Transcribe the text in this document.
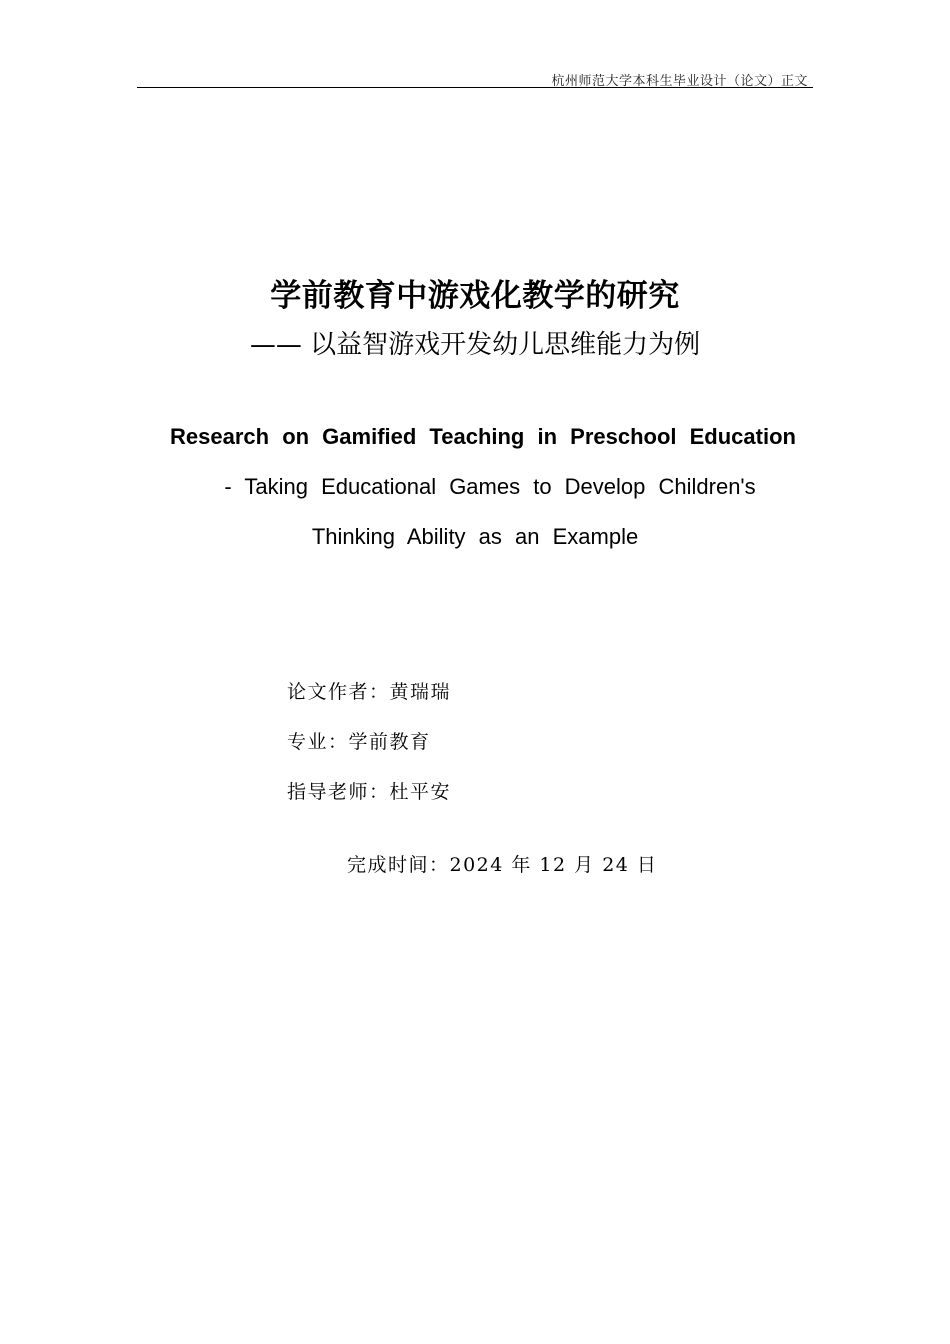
杭州师范大学本科生毕业设计（论文）正文
学前教育中游戏化教学的研究
—— 以益智游戏开发幼儿思维能力为例
Research on Gamified Teaching in Preschool Education
- Taking Educational Games to Develop Children's
Thinking Ability as an Example
论文作者：黄瑞瑞
专业：学前教育
指导老师：杜平安
完成时间：2024 年 12 月 24 日
